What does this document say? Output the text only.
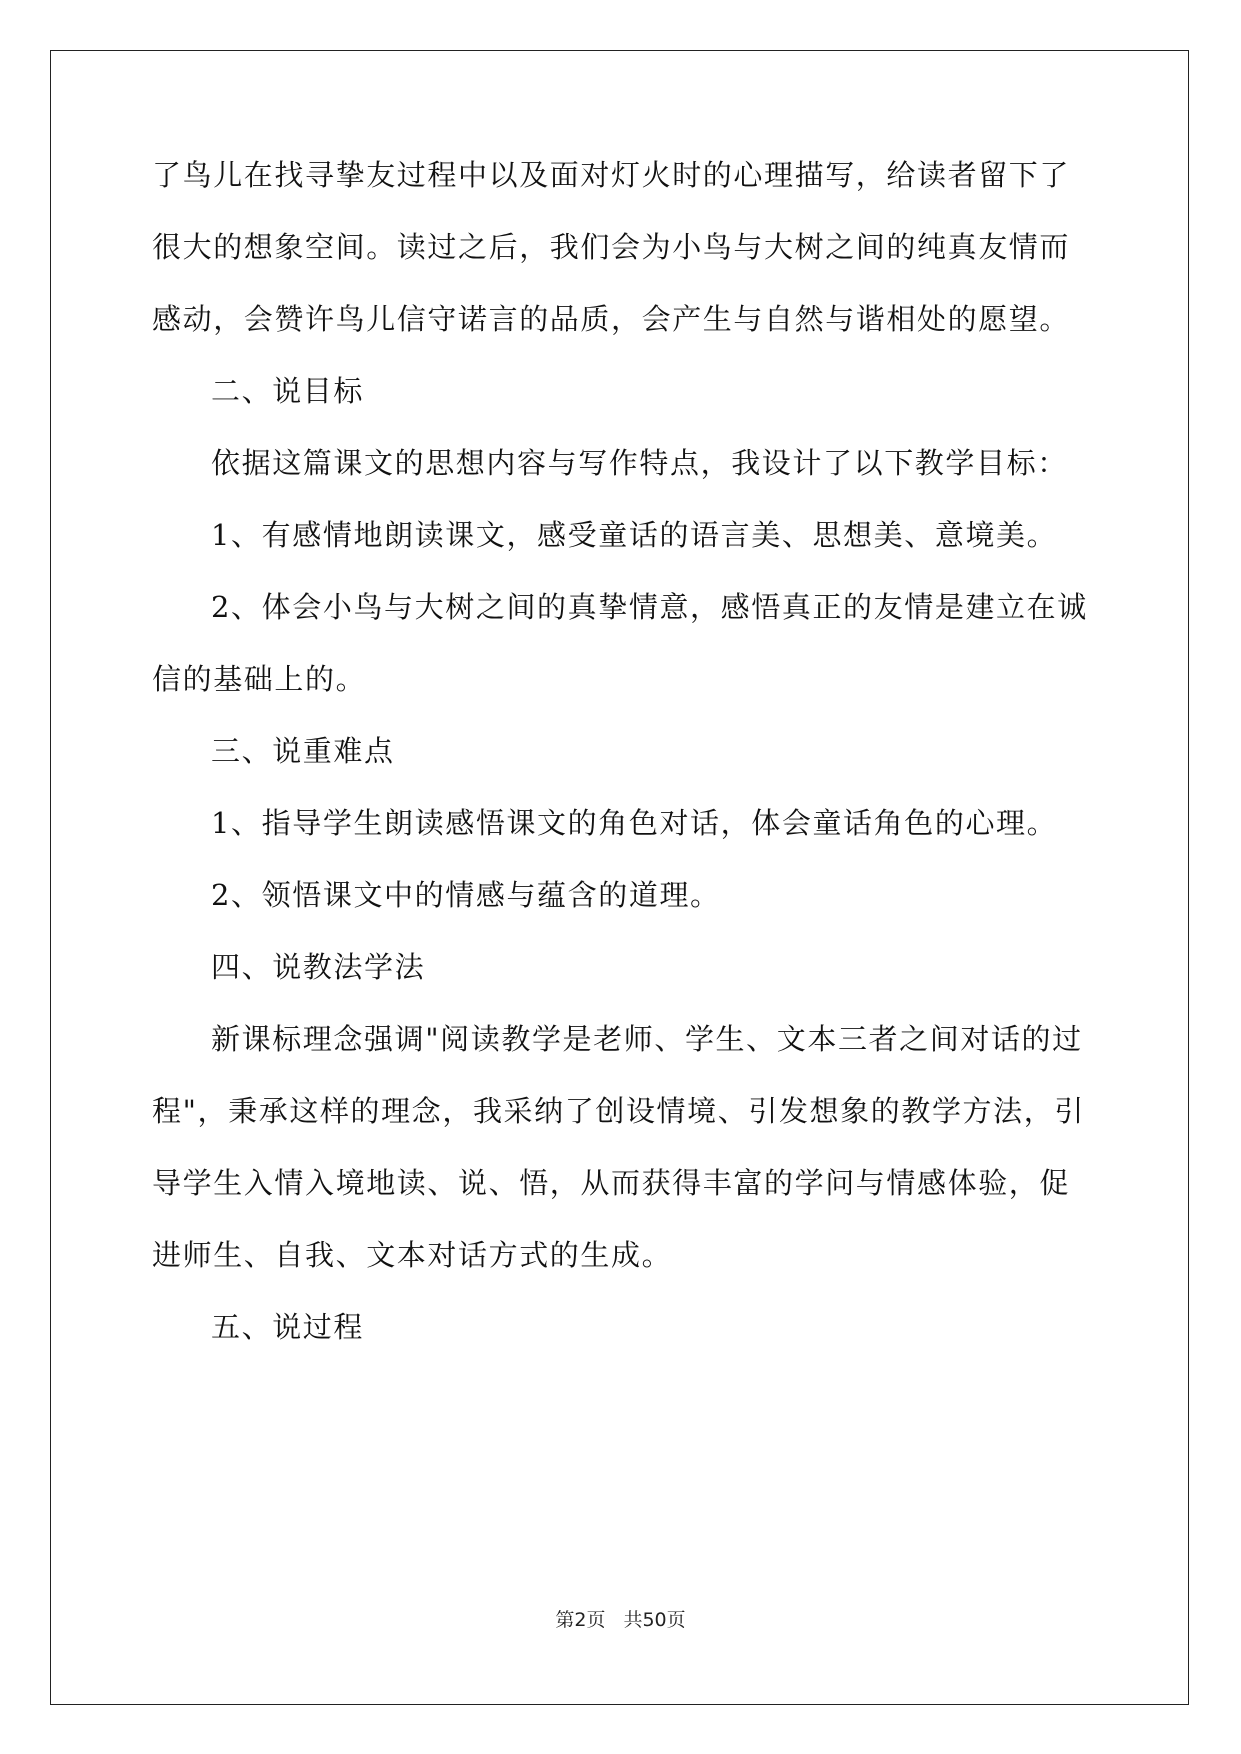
了鸟儿在找寻挚友过程中以及面对灯火时的心理描写，给读者留下了
很大的想象空间。读过之后，我们会为小鸟与大树之间的纯真友情而
感动，会赞许鸟儿信守诺言的品质，会产生与自然与谐相处的愿望。
二、说目标
依据这篇课文的思想内容与写作特点，我设计了以下教学目标：
1、有感情地朗读课文，感受童话的语言美、思想美、意境美。
2、体会小鸟与大树之间的真挚情意，感悟真正的友情是建立在诚
信的基础上的。
三、说重难点
1、指导学生朗读感悟课文的角色对话，体会童话角色的心理。
2、领悟课文中的情感与蕴含的道理。
四、说教法学法
新课标理念强调"阅读教学是老师、学生、文本三者之间对话的过
程"，秉承这样的理念，我采纳了创设情境、引发想象的教学方法，引
导学生入情入境地读、说、悟，从而获得丰富的学问与情感体验，促
进师生、自我、文本对话方式的生成。
五、说过程
第2页 共50页
